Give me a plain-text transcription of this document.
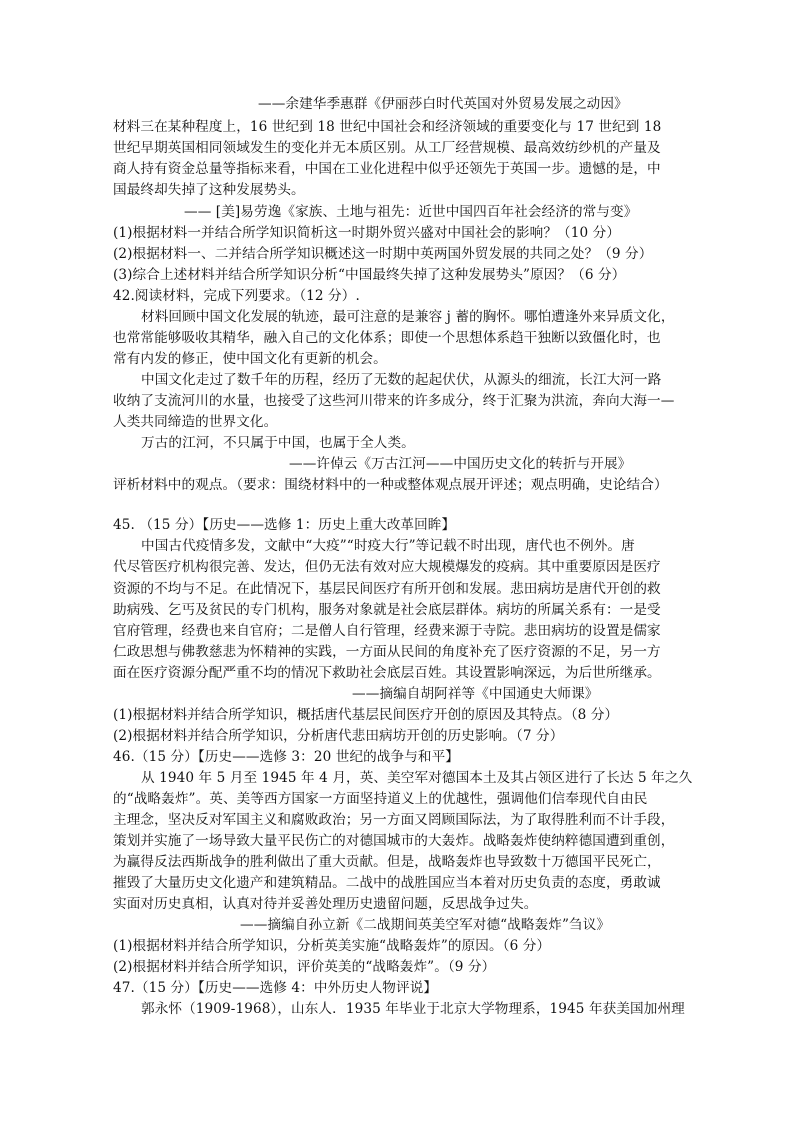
——余建华季惠群《伊丽莎白时代英国对外贸易发展之动因》
材料三在某种程度上，16 世纪到 18 世纪中国社会和经济领域的重要变化与 17 世纪到 18
世纪早期英国相同领域发生的变化并无本质区别。从工厂经营规模、最高效纺纱机的产量及
商人持有资金总量等指标来看，中国在工业化进程中似乎还领先于英国一步。遗憾的是，中
国最终却失掉了这种发展势头。
—— [美]易劳逸《家族、土地与祖先：近世中国四百年社会经济的常与变》
(1)根据材料一并结合所学知识简析这一时期外贸兴盛对中国社会的影响？（10 分）
(2)根据材料一、二并结合所学知识概述这一时期中英两国外贸发展的共同之处？（9 分）
(3)综合上述材料并结合所学知识分析“中国最终失掉了这种发展势头”原因？（6 分）
42.阅读材料，完成下列要求。（12 分）.
材料回顾中国文化发展的轨迹，最可注意的是兼容 j 蓄的胸怀。哪怕遭逢外来异质文化，
也常常能够吸收其精华，融入自己的文化体系；即使一个思想体系趋干独断以致僵化时，也
常有内发的修正，使中国文化有更新的机会。
中国文化走过了数千年的历程，经历了无数的起起伏伏，从源头的细流，长江大河一路
收纳了支流河川的水量，也接受了这些河川带来的许多成分，终于汇聚为洪流，奔向大海一—
人类共同缔造的世界文化。
万古的江河，不只属于中国，也属于全人类。
——许倬云《万古江河——中国历史文化的转折与开展》
评析材料中的观点。（要求：围绕材料中的一种或整体观点展开评述；观点明确，史论结合）
45. （15 分）【历史——选修 1：历史上重大改革回眸】
中国古代疫情多发，文献中“大疫”“时疫大行”等记载不时出现，唐代也不例外。唐
代尽管医疗机构很完善、发达，但仍无法有效对应大规模爆发的疫病。其中重要原因是医疗
资源的不均与不足。在此情况下，基层民间医疗有所开创和发展。悲田病坊是唐代开创的救
助病残、乞丐及贫民的专门机构，服务对象就是社会底层群体。病坊的所属关系有：一是受
官府管理，经费也来自官府；二是僧人自行管理，经费来源于寺院。悲田病坊的设置是儒家
仁政思想与佛教慈悲为怀精神的实践，一方面从民间的角度补充了医疗资源的不足，另一方
面在医疗资源分配严重不均的情况下救助社会底层百姓。其设置影响深远，为后世所继承。
——摘编自胡阿祥等《中国通史大师课》
(1)根据材料并结合所学知识，概括唐代基层民间医疗开创的原因及其特点。（8 分）
(2)根据材料并结合所学知识，分析唐代悲田病坊开创的历史影响。（7 分）
46.（15 分）【历史——选修 3：20 世纪的战争与和平】
从 1940 年 5 月至 1945 年 4 月，英、美空军对德国本土及其占领区进行了长达 5 年之久
的“战略轰炸”。英、美等西方国家一方面坚持道义上的优越性，强调他们信奉现代自由民
主理念，坚决反对军国主义和腐败政治；另一方面又罔顾国际法，为了取得胜利而不计手段，
策划并实施了一场导致大量平民伤亡的对德国城市的大轰炸。战略轰炸使纳粹德国遭到重创，
为赢得反法西斯战争的胜利做出了重大贡献。但是，战略轰炸也导致数十万德国平民死亡，
摧毁了大量历史文化遗产和建筑精品。二战中的战胜国应当本着对历史负责的态度，勇敢诚
实面对历史真相，认真对待并妥善处理历史遗留问题，反思战争过失。
——摘编自孙立新《二战期间英美空军对德“战略轰炸”刍议》
(1)根据材料并结合所学知识，分析英美实施“战略轰炸”的原因。（6 分）
(2)根据材料并结合所学知识，评价英美的“战略轰炸”。（9 分）
47.（15 分）【历史——选修 4：中外历史人物评说】
郭永怀（1909-1968），山东人．1935 年毕业于北京大学物理系，1945 年获美国加州理
